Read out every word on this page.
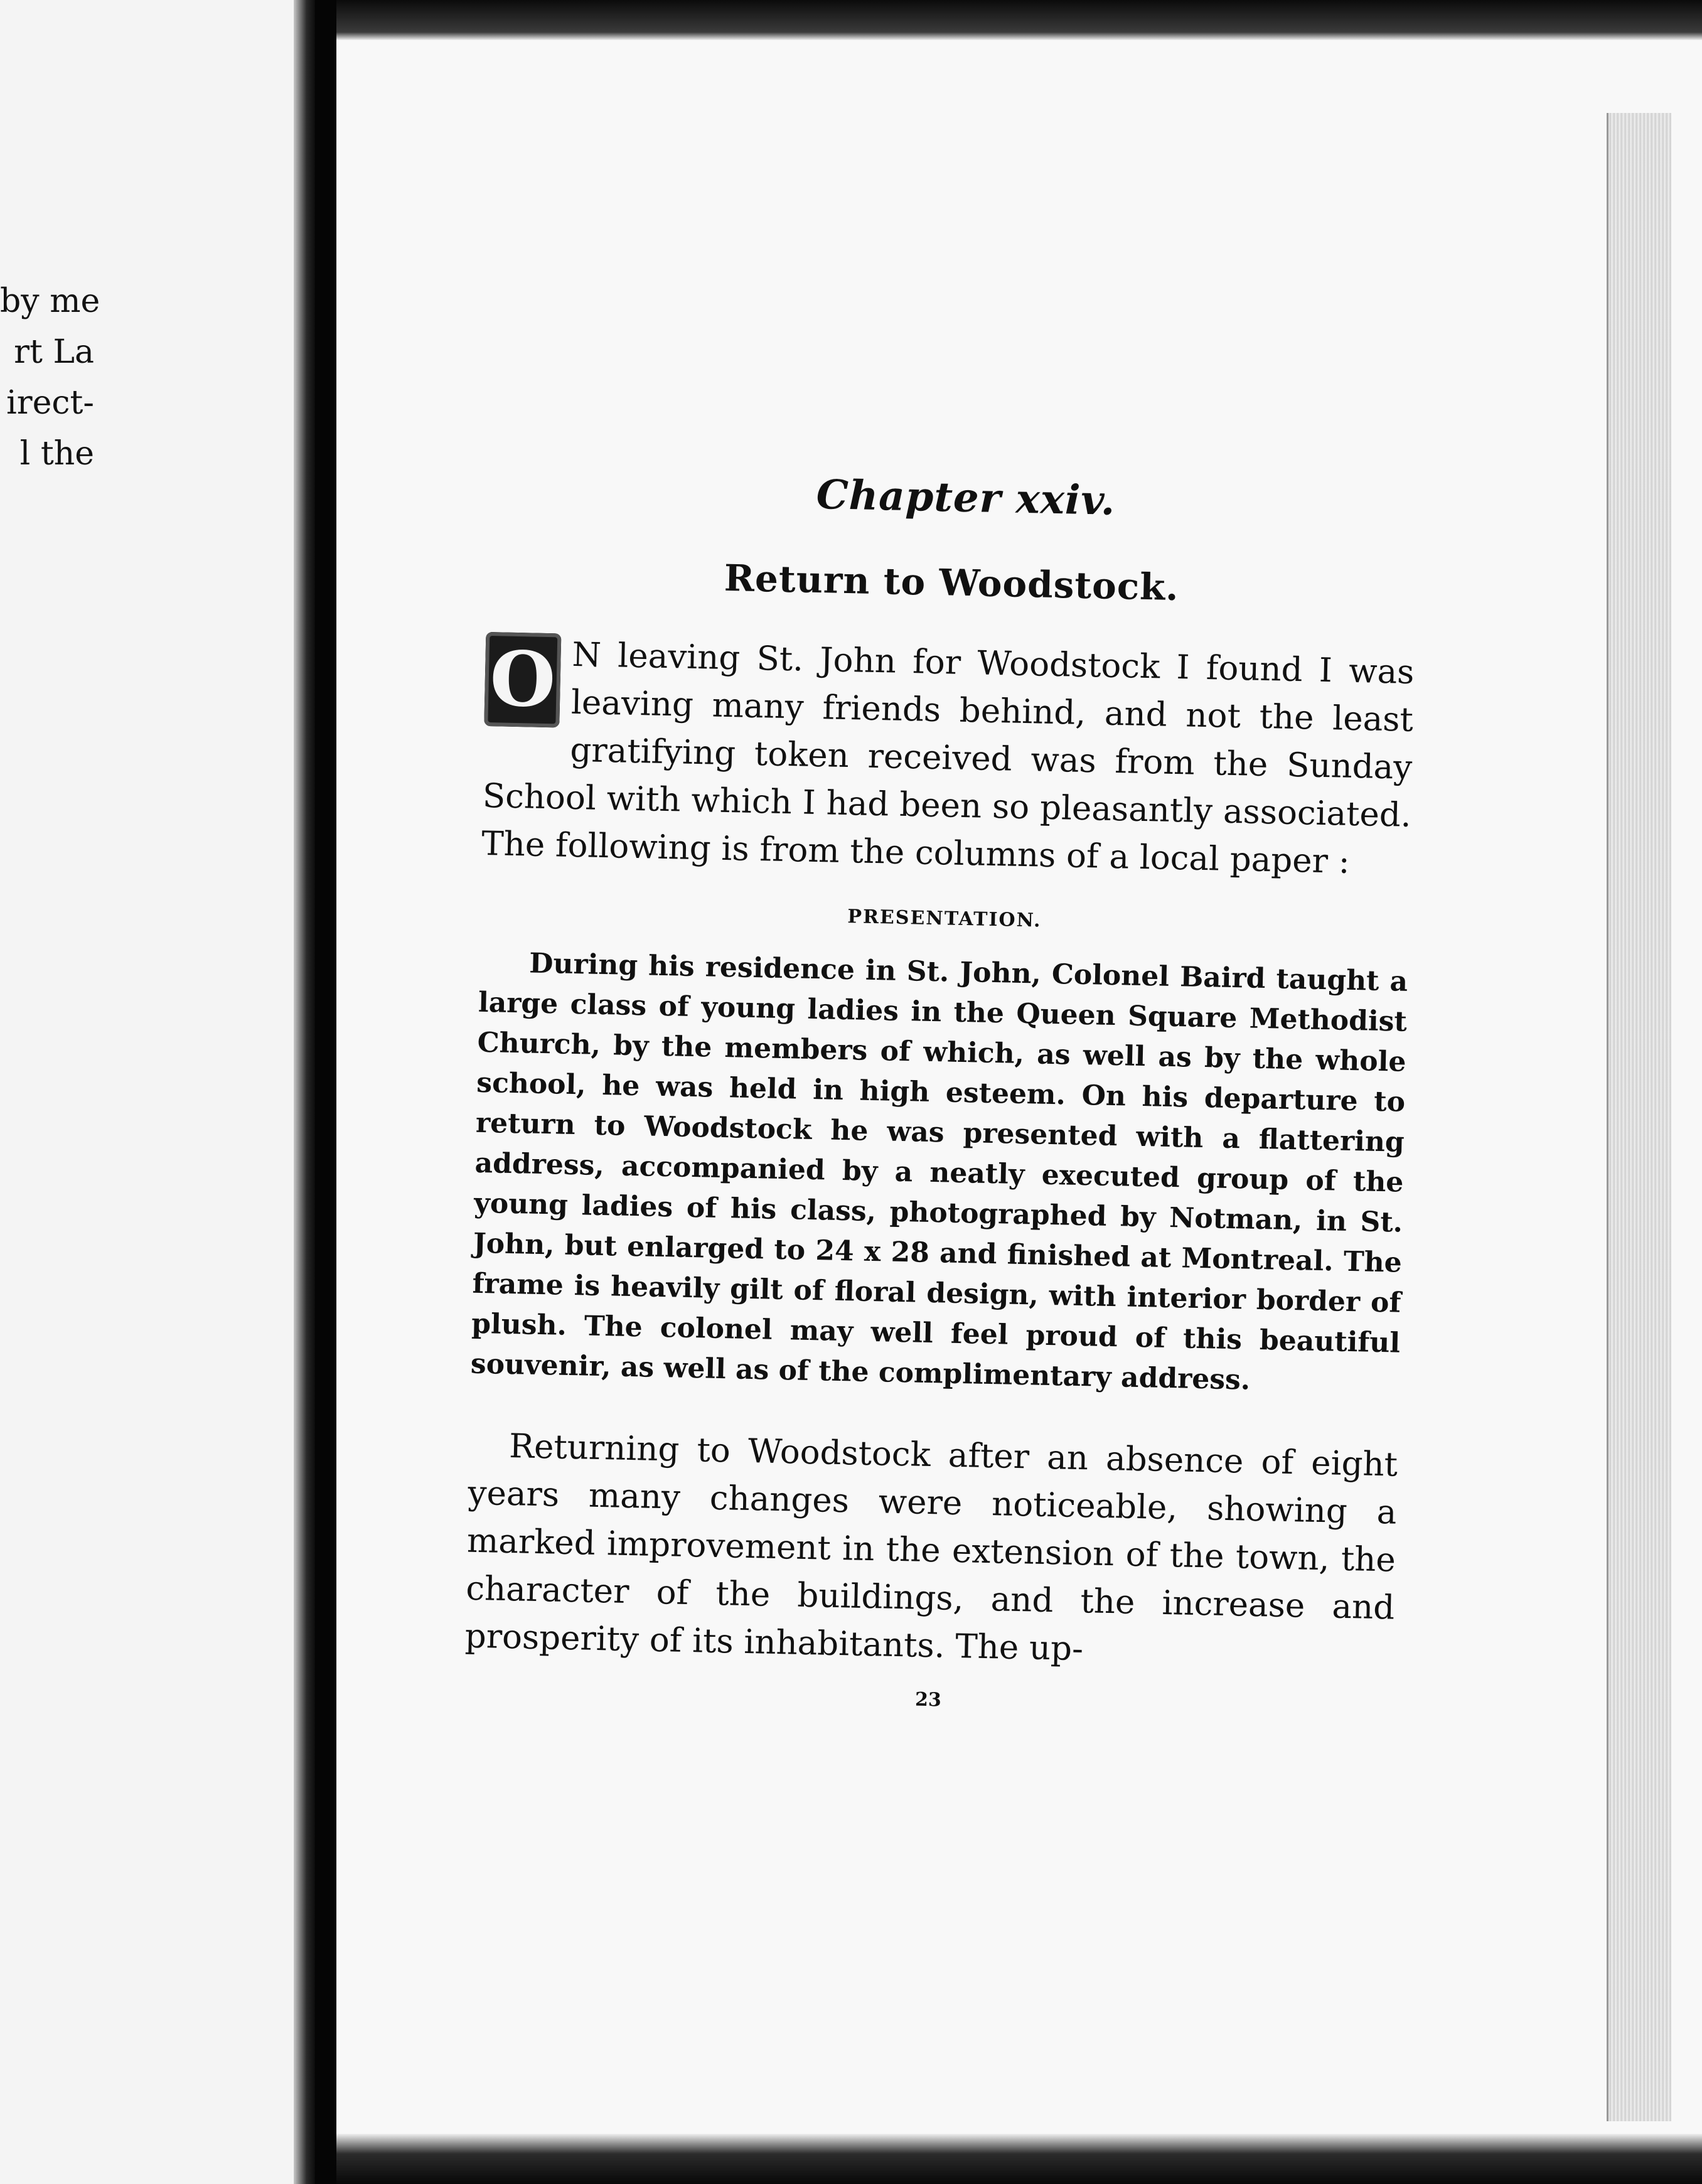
by me
rt La
irect-
l the
Chapter xxiv.
Return to Woodstock.

O N leaving St. John for Woodstock I found I was leaving many friends behind, and not the least gratifying token received was from the Sunday School with which I had been so pleasantly associated. The following is from the columns of a local paper :

PRESENTATION.

During his residence in St. John, Colonel Baird taught a large class of young ladies in the Queen Square Methodist Church, by the members of which, as well as by the whole school, he was held in high esteem. On his departure to return to Woodstock he was presented with a flattering address, accompanied by a neatly executed group of the young ladies of his class, photographed by Notman, in St. John, but enlarged to 24 x 28 and finished at Montreal. The frame is heavily gilt of floral design, with interior border of plush. The colonel may well feel proud of this beautiful souvenir, as well as of the complimentary address.

Returning to Woodstock after an absence of eight years many changes were noticeable, showing a marked improvement in the extension of the town, the character of the buildings, and the increase and prosperity of its inhabitants. The up-

23
